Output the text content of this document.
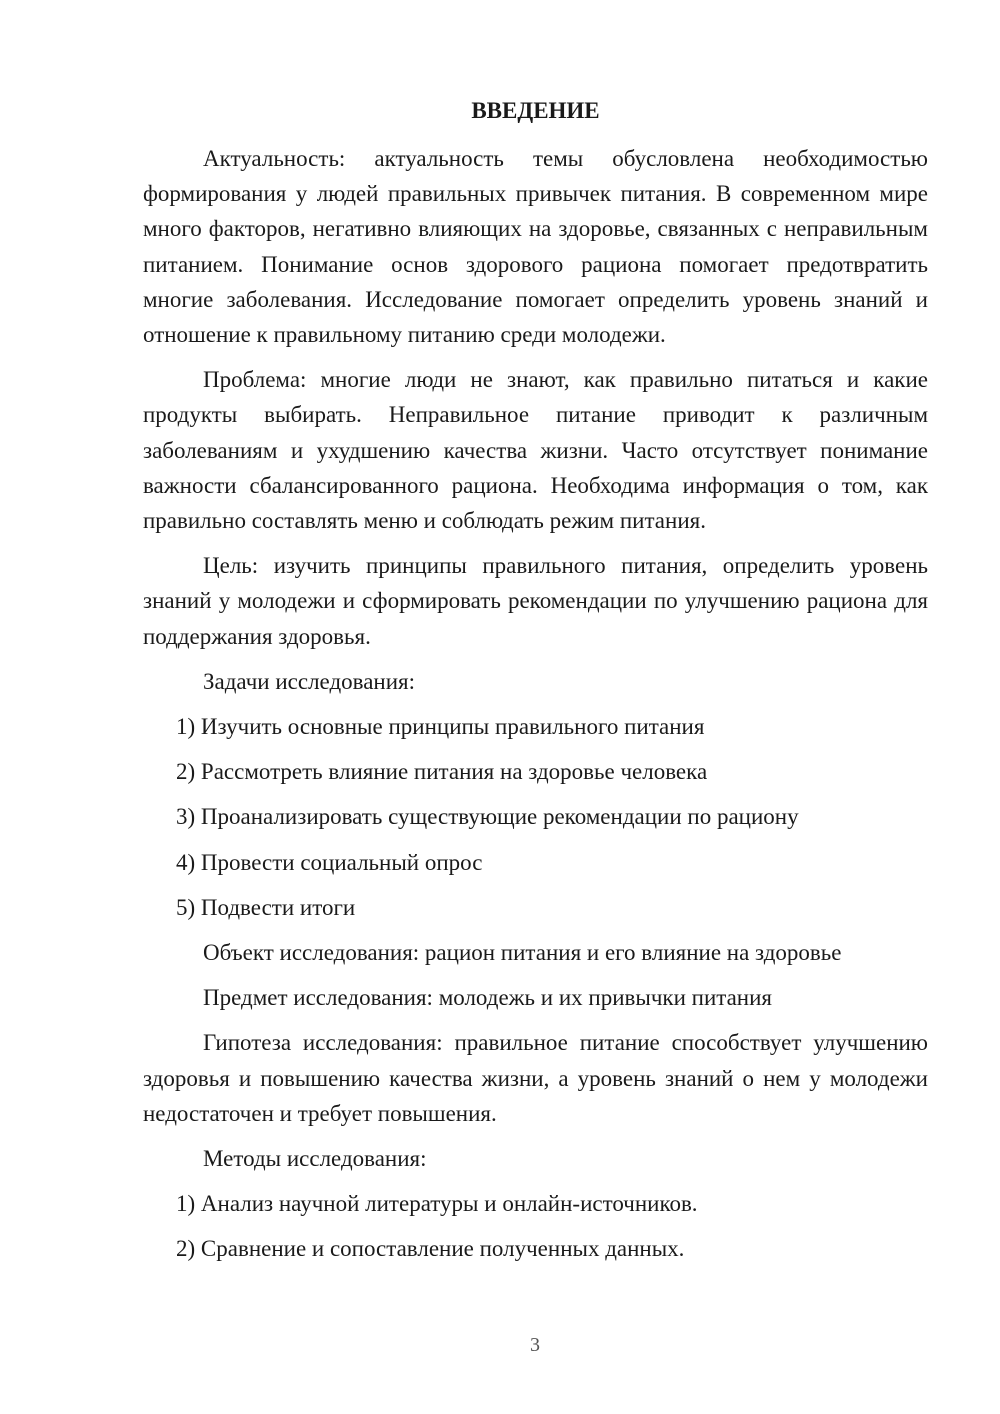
ВВЕДЕНИЕ

Актуальность: актуальность темы обусловлена необходимостью формирования у людей правильных привычек питания. В современном мире много факторов, негативно влияющих на здоровье, связанных с неправильным питанием. Понимание основ здорового рациона помогает предотвратить многие заболевания. Исследование помогает определить уровень знаний и отношение к правильному питанию среди молодежи.

Проблема: многие люди не знают, как правильно питаться и какие продукты выбирать. Неправильное питание приводит к различным заболеваниям и ухудшению качества жизни. Часто отсутствует понимание важности сбалансированного рациона. Необходима информация о том, как правильно составлять меню и соблюдать режим питания.

Цель: изучить принципы правильного питания, определить уровень знаний у молодежи и сформировать рекомендации по улучшению рациона для поддержания здоровья.

Задачи исследования:
1) Изучить основные принципы правильного питания
2) Рассмотреть влияние питания на здоровье человека
3) Проанализировать существующие рекомендации по рациону
4) Провести социальный опрос
5) Подвести итоги
Объект исследования: рацион питания и его влияние на здоровье
Предмет исследования: молодежь и их привычки питания

Гипотеза исследования: правильное питание способствует улучшению здоровья и повышению качества жизни, а уровень знаний о нем у молодежи недостаточен и требует повышения.

Методы исследования:
1) Анализ научной литературы и онлайн-источников.
2) Сравнение и сопоставление полученных данных.
3
